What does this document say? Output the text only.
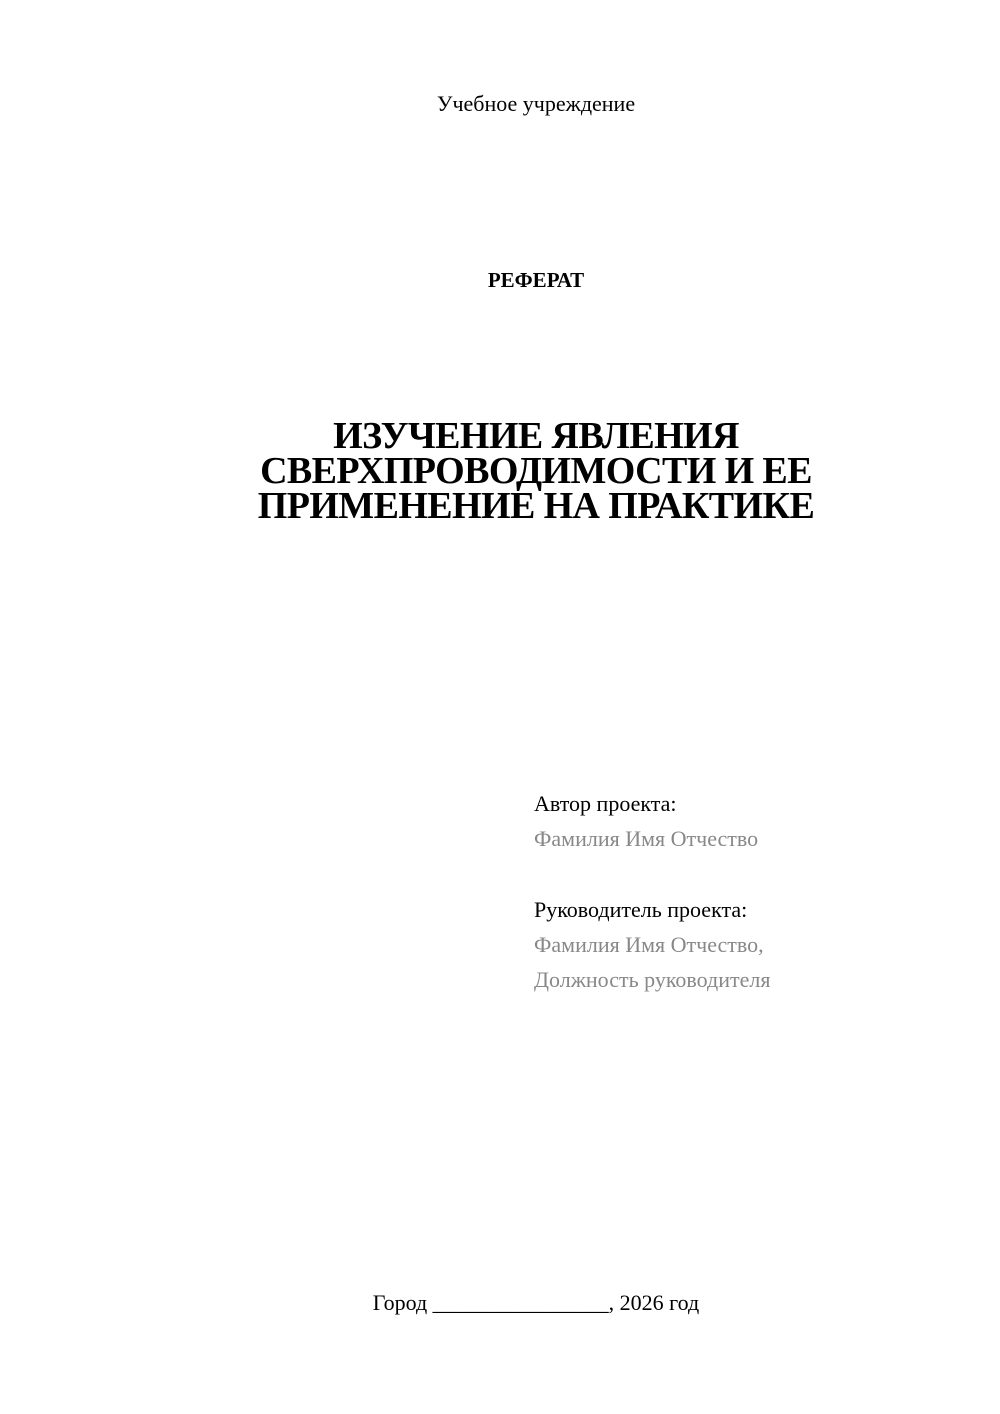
Учебное учреждение
РЕФЕРАТ
ИЗУЧЕНИЕ ЯВЛЕНИЯ
СВЕРХПРОВОДИМОСТИ И ЕЕ
ПРИМЕНЕНИЕ НА ПРАКТИКЕ
Автор проекта:
Фамилия Имя Отчество
Руководитель проекта:
Фамилия Имя Отчество,
Должность руководителя
Город ________________, 2026 год
